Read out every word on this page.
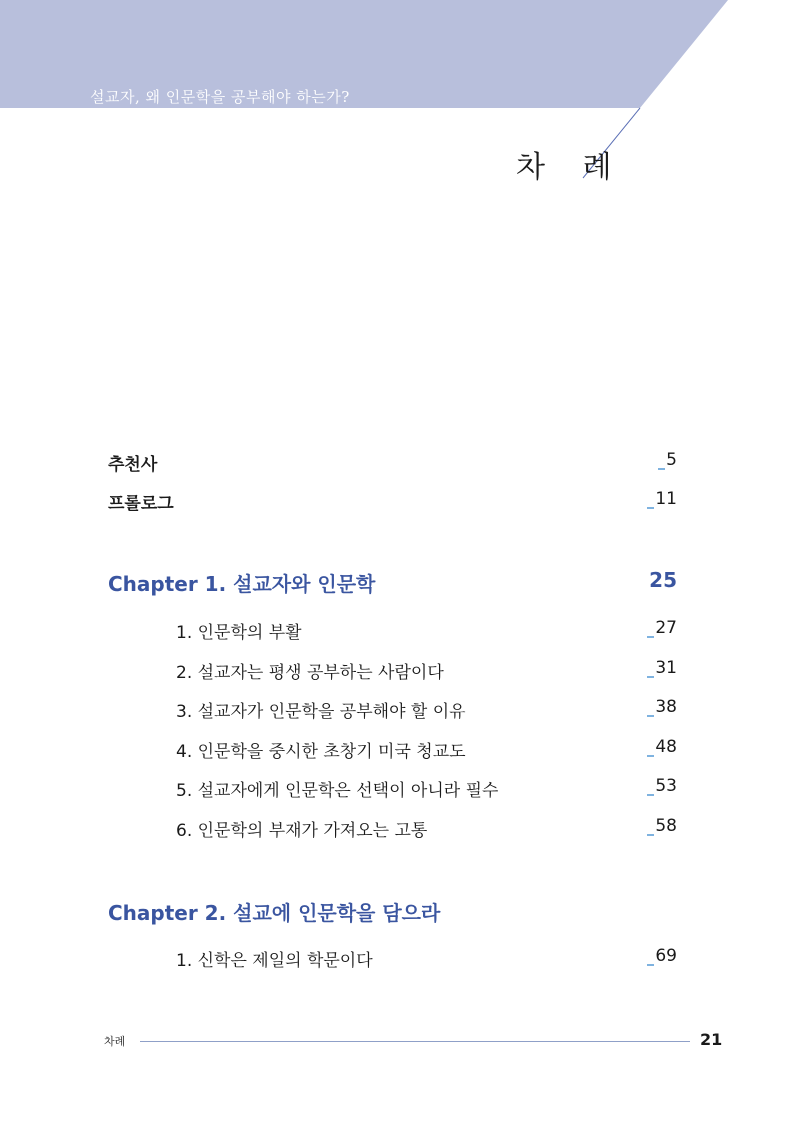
설교자, 왜 인문학을 공부해야 하는가?
차 례
추천사	5
프롤로그	11
Chapter 1. 설교자와 인문학	25
1. 인문학의 부활	27
2. 설교자는 평생 공부하는 사람이다	31
3. 설교자가 인문학을 공부해야 할 이유	38
4. 인문학을 중시한 초창기 미국 청교도	48
5. 설교자에게 인문학은 선택이 아니라 필수	53
6. 인문학의 부재가 가져오는 고통	58
Chapter 2. 설교에 인문학을 담으라
1. 신학은 제일의 학문이다	69
차례	21
